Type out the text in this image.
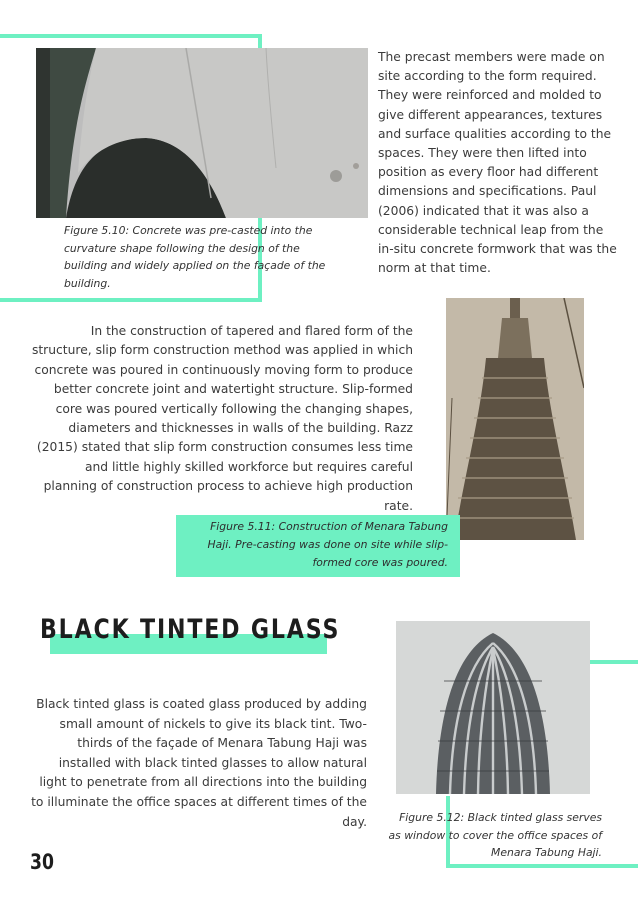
Figure 5.10: Concrete was pre-casted into the curvature shape following the design of the building and widely applied on the façade of the building.
The precast members were made on site according to the form required. They were reinforced and molded to give different appearances, textures and surface qualities according to the spaces. They were then lifted into position as every floor had different dimensions and specifications. Paul (2006) indicated that it was also a considerable technical leap from the in-situ concrete formwork that was the norm at that time.
In the construction of tapered and flared form of the structure, slip form construction method was applied in which concrete was poured in continuously moving form to produce better concrete joint and watertight structure. Slip-formed core was poured vertically following the changing shapes, diameters and thicknesses in walls of the building. Razz (2015) stated that slip form construction consumes less time and little highly skilled workforce but requires careful planning of construction process to achieve high production rate.
Figure 5.11: Construction of Menara Tabung Haji. Pre-casting was done on site while slip-formed core was poured.
BLACK TINTED GLASS
Black tinted glass is coated glass produced by adding small amount of nickels to give its black tint. Two-thirds of the façade of Menara Tabung Haji was installed with black tinted glasses to allow natural light to penetrate from all directions into the building to illuminate the office spaces at different times of the day.	Figure 5.12: Black tinted glass serves as window to cover the office spaces of Menara Tabung Haji.
30
